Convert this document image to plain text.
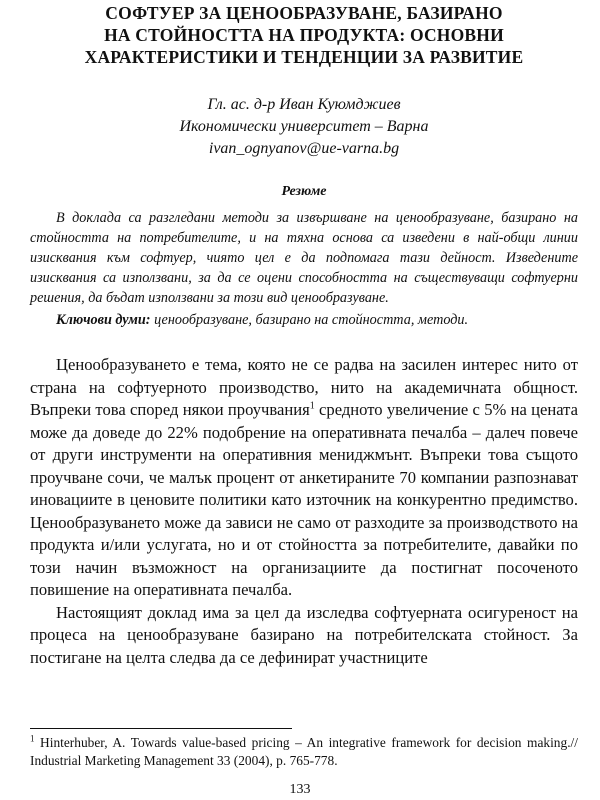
СОФТУЕР ЗА ЦЕНООБРАЗУВАНЕ, БАЗИРАНО
НА СТОЙНОСТТА НА ПРОДУКТА: ОСНОВНИ
ХАРАКТЕРИСТИКИ И ТЕНДЕНЦИИ ЗА РАЗВИТИЕ
Гл. ас. д-р Иван Куюмджиев
Икономически университет – Варна
ivan_ognyanov@ue-varna.bg
Резюме

В доклада са разгледани методи за извършване на ценообразуване, базирано на стойността на потребителите, и на тяхна основа са изведени в най-общи линии изисквания към софтуер, чиято цел е да подпомага тази дейност. Изведените изисквания са използвани, за да се оцени способността на съществуващи софтуерни решения, да бъдат използвани за този вид ценообразуване.

Ключови думи: ценообразуване, базирано на стойността, методи.

Ценообразуването е тема, която не се радва на засилен интерес нито от страна на софтуерното производство, нито на академичната общност. Въпреки това според някои проучвания$^1$ средното увеличение с 5% на цената може да доведе до 22% подобрение на оперативната печалба – далеч повече от други инструменти на оперативния мениджмънт. Въпреки това същото проучване сочи, че малък процент от анкетираните 70 компании разпознават иновациите в ценовите политики като източник на конкурентно предимство. Ценообразуването може да зависи не само от разходите за производството на продукта и/или услугата, но и от стойността за потребителите, давайки по този начин възможност на организациите да постигнат посоченото повишение на оперативната печалба.

Настоящият доклад има за цел да изследва софтуерната осигуреност на процеса на ценообразуване базирано на потребителската стойност. За постигане на целта следва да се дефинират участниците

$^1$ Hinterhuber, A. Towards value-based pricing – An integrative framework for decision making.// Industrial Marketing Management 33 (2004), p. 765-778.
133
